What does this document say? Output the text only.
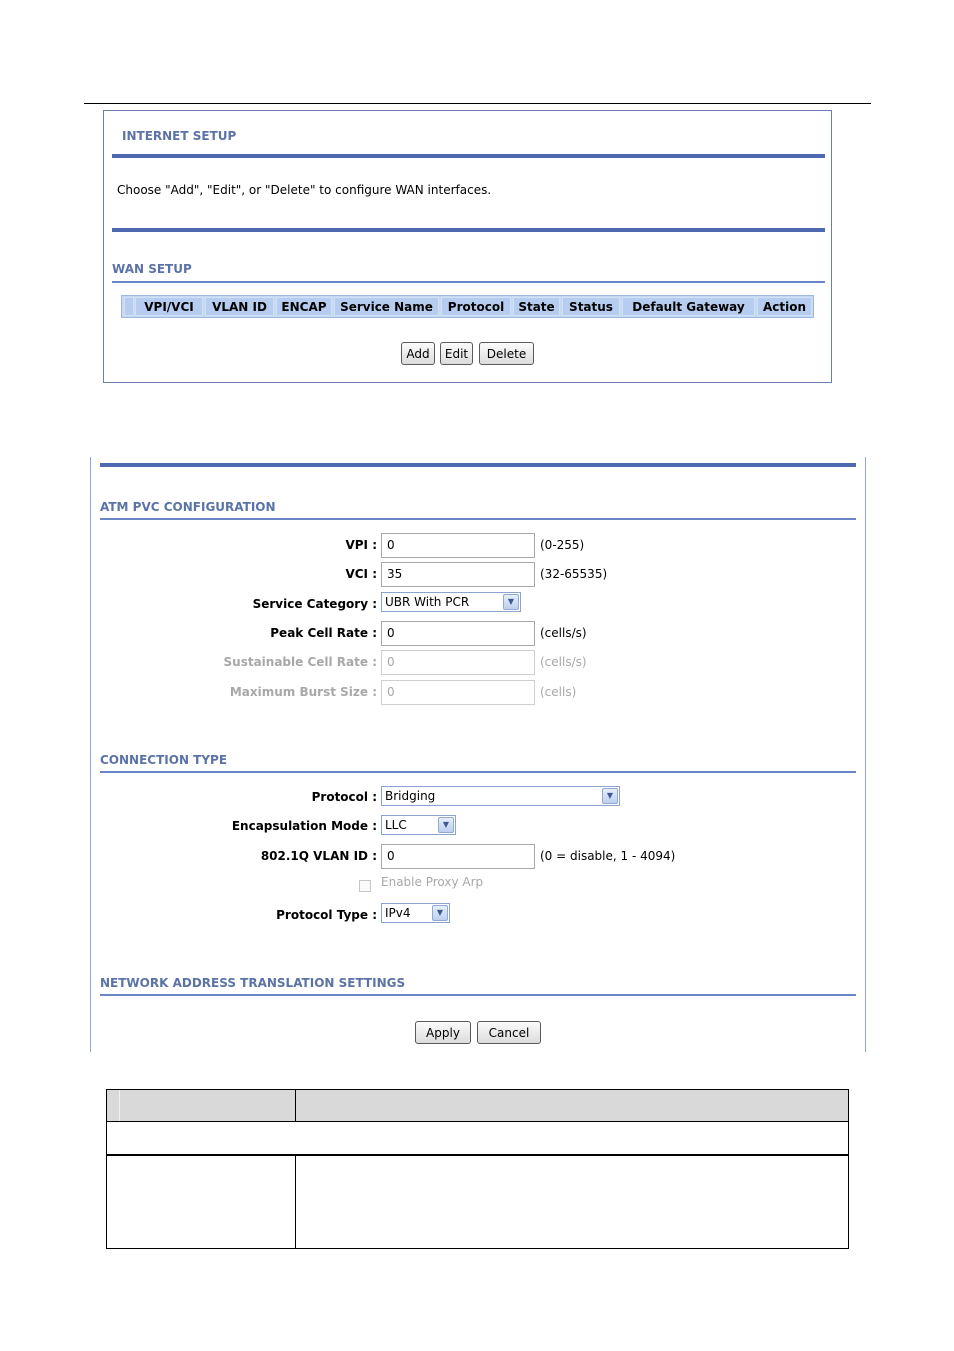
INTERNET SETUP
Choose "Add", "Edit", or "Delete" to configure WAN interfaces.
WAN SETUP
VPI/VCI	VLAN ID	ENCAP	Service Name	Protocol	State	Status	Default Gateway	Action
Add	Edit	Delete
ATM PVC CONFIGURATION
VPI : 0	(0-255)
VCI : 35	(32-65535)
Service Category : UBR With PCR	▼
Peak Cell Rate : 0	(cells/s)
Sustainable Cell Rate : 0	(cells/s)
Maximum Burst Size : 0	(cells)
CONNECTION TYPE
Protocol : Bridging	▼
Encapsulation Mode : LLC	▼
802.1Q VLAN ID : 0	(0 = disable, 1 - 4094)
Enable Proxy Arp
Protocol Type : IPv4	▼
NETWORK ADDRESS TRANSLATION SETTINGS
Apply	Cancel
